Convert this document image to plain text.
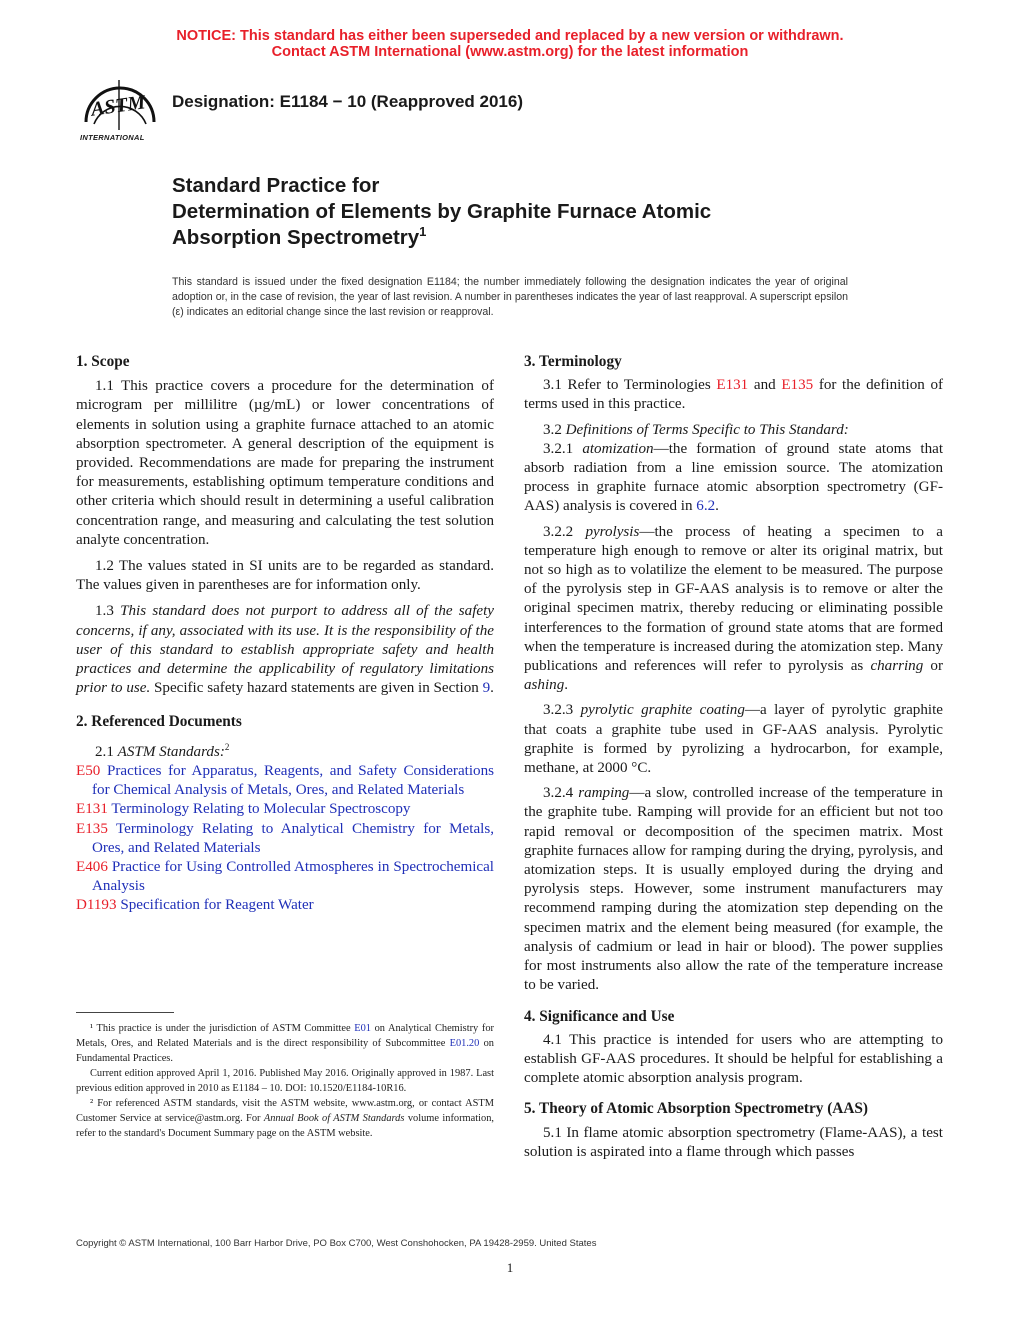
NOTICE: This standard has either been superseded and replaced by a new version or withdrawn.
Contact ASTM International (www.astm.org) for the latest information
ASTM
INTERNATIONAL
Designation: E1184 − 10 (Reapproved 2016)
Standard Practice for
Determination of Elements by Graphite Furnace Atomic
Absorption Spectrometry$^1$
This standard is issued under the fixed designation E1184; the number immediately following the designation indicates the year of original adoption or, in the case of revision, the year of last revision. A number in parentheses indicates the year of last reapproval. A superscript epsilon (ε) indicates an editorial change since the last revision or reapproval.

1. Scope

1.1 This practice covers a procedure for the determination of microgram per millilitre (µg/mL) or lower concentrations of elements in solution using a graphite furnace attached to an atomic absorption spectrometer. A general description of the equipment is provided. Recommendations are made for preparing the instrument for measurements, establishing optimum temperature conditions and other criteria which should result in determining a useful calibration concentration range, and measuring and calculating the test solution analyte concentration.

1.2 The values stated in SI units are to be regarded as standard. The values given in parentheses are for information only.

1.3 This standard does not purport to address all of the safety concerns, if any, associated with its use. It is the responsibility of the user of this standard to establish appropriate safety and health practices and determine the applicability of regulatory limitations prior to use. Specific safety hazard statements are given in Section 9.

2. Referenced Documents

2.1 ASTM Standards:$^2$

E50 Practices for Apparatus, Reagents, and Safety Considerations for Chemical Analysis of Metals, Ores, and Related Materials

E131 Terminology Relating to Molecular Spectroscopy

E135 Terminology Relating to Analytical Chemistry for Metals, Ores, and Related Materials

E406 Practice for Using Controlled Atmospheres in Spectrochemical Analysis

D1193 Specification for Reagent Water

¹ This practice is under the jurisdiction of ASTM Committee E01 on Analytical Chemistry for Metals, Ores, and Related Materials and is the direct responsibility of Subcommittee E01.20 on Fundamental Practices.

Current edition approved April 1, 2016. Published May 2016. Originally approved in 1987. Last previous edition approved in 2010 as E1184 – 10. DOI: 10.1520/E1184-10R16.

² For referenced ASTM standards, visit the ASTM website, www.astm.org, or contact ASTM Customer Service at service@astm.org. For Annual Book of ASTM Standards volume information, refer to the standard's Document Summary page on the ASTM website.

3. Terminology

3.1 Refer to Terminologies E131 and E135 for the definition of terms used in this practice.

3.2 Definitions of Terms Specific to This Standard:

3.2.1 atomization—the formation of ground state atoms that absorb radiation from a line emission source. The atomization process in graphite furnace atomic absorption spectrometry (GF-AAS) analysis is covered in 6.2.

3.2.2 pyrolysis—the process of heating a specimen to a temperature high enough to remove or alter its original matrix, but not so high as to volatilize the element to be measured. The purpose of the pyrolysis step in GF-AAS analysis is to remove or alter the original specimen matrix, thereby reducing or eliminating possible interferences to the formation of ground state atoms that are formed when the temperature is increased during the atomization step. Many publications and references will refer to pyrolysis as charring or ashing.

3.2.3 pyrolytic graphite coating—a layer of pyrolytic graphite that coats a graphite tube used in GF-AAS analysis. Pyrolytic graphite is formed by pyrolizing a hydrocarbon, for example, methane, at 2000 °C.

3.2.4 ramping—a slow, controlled increase of the temperature in the graphite tube. Ramping will provide for an efficient but not too rapid removal or decomposition of the specimen matrix. Most graphite furnaces allow for ramping during the drying, pyrolysis, and atomization steps. It is usually employed during the drying and pyrolysis steps. However, some instrument manufacturers may recommend ramping during the atomization step depending on the specimen matrix and the element being measured (for example, the analysis of cadmium or lead in hair or blood). The power supplies for most instruments also allow the rate of the temperature increase to be varied.

4. Significance and Use

4.1 This practice is intended for users who are attempting to establish GF-AAS procedures. It should be helpful for establishing a complete atomic absorption analysis program.

5. Theory of Atomic Absorption Spectrometry (AAS)

5.1 In flame atomic absorption spectrometry (Flame-AAS), a test solution is aspirated into a flame through which passes

Copyright © ASTM International, 100 Barr Harbor Drive, PO Box C700, West Conshohocken, PA 19428-2959. United States
1
